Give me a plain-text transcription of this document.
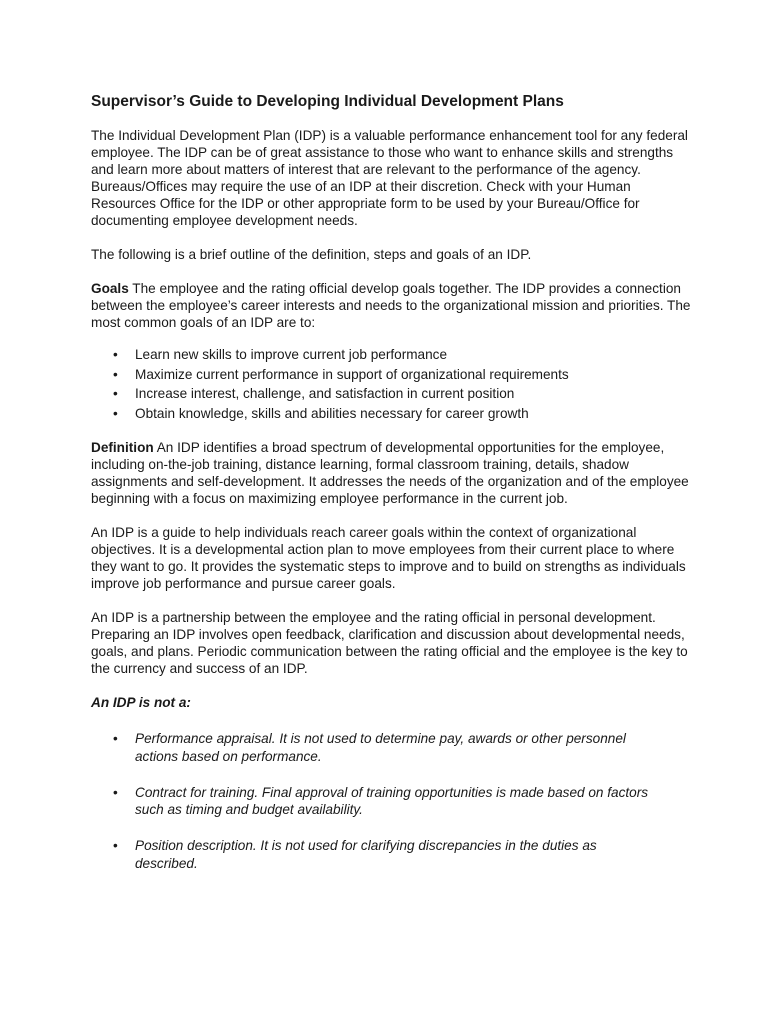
Supervisor’s Guide to Developing Individual Development Plans

The Individual Development Plan (IDP) is a valuable performance enhancement tool for any federal employee. The IDP can be of great assistance to those who want to enhance skills and strengths and learn more about matters of interest that are relevant to the performance of the agency. Bureaus/Offices may require the use of an IDP at their discretion. Check with your Human Resources Office for the IDP or other appropriate form to be used by your Bureau/Office for documenting employee development needs.

The following is a brief outline of the definition, steps and goals of an IDP.

Goals The employee and the rating official develop goals together. The IDP provides a connection between the employee’s career interests and needs to the organizational mission and priorities. The most common goals of an IDP are to:

• Learn new skills to improve current job performance
• Maximize current performance in support of organizational requirements
• Increase interest, challenge, and satisfaction in current position
• Obtain knowledge, skills and abilities necessary for career growth

Definition An IDP identifies a broad spectrum of developmental opportunities for the employee, including on-the-job training, distance learning, formal classroom training, details, shadow assignments and self-development. It addresses the needs of the organization and of the employee beginning with a focus on maximizing employee performance in the current job.

An IDP is a guide to help individuals reach career goals within the context of organizational objectives. It is a developmental action plan to move employees from their current place to where they want to go. It provides the systematic steps to improve and to build on strengths as individuals improve job performance and pursue career goals.

An IDP is a partnership between the employee and the rating official in personal development. Preparing an IDP involves open feedback, clarification and discussion about developmental needs, goals, and plans. Periodic communication between the rating official and the employee is the key to the currency and success of an IDP.

An IDP is not a:
• Performance appraisal. It is not used to determine pay, awards or other personnel actions based on performance.
• Contract for training. Final approval of training opportunities is made based on factors such as timing and budget availability.
• Position description. It is not used for clarifying discrepancies in the duties as described.
